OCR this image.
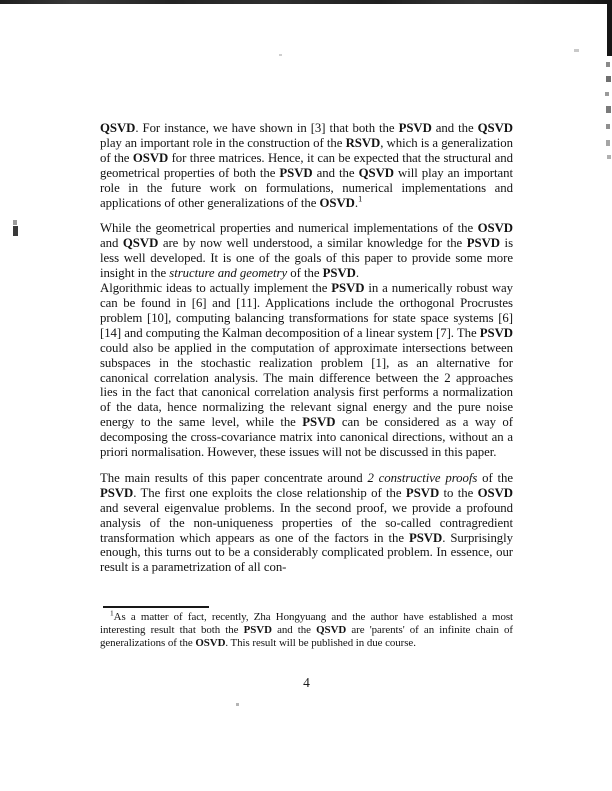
QSVD. For instance, we have shown in [3] that both the PSVD and the QSVD play an important role in the construction of the RSVD, which is a generalization of the OSVD for three matrices. Hence, it can be expected that the structural and geometrical properties of both the PSVD and the QSVD will play an important role in the future work on formulations, numerical implementations and applications of other generalizations of the OSVD.$^1$

While the geometrical properties and numerical implementations of the OSVD and QSVD are by now well understood, a similar knowledge for the PSVD is less well developed. It is one of the goals of this paper to provide some more insight in the structure and geometry of the PSVD.

Algorithmic ideas to actually implement the PSVD in a numerically robust way can be found in [6] and [11]. Applications include the orthogonal Procrustes problem [10], computing balancing transformations for state space systems [6] [14] and computing the Kalman decomposition of a linear system [7]. The PSVD could also be applied in the computation of approximate intersections between subspaces in the stochastic realization problem [1], as an alternative for canonical correlation analysis. The main difference between the 2 approaches lies in the fact that canonical correlation analysis first performs a normalization of the data, hence normalizing the relevant signal energy and the pure noise energy to the same level, while the PSVD can be considered as a way of decomposing the cross-covariance matrix into canonical directions, without an a priori normalisation. However, these issues will not be discussed in this paper.

The main results of this paper concentrate around 2 constructive proofs of the PSVD. The first one exploits the close relationship of the PSVD to the OSVD and several eigenvalue problems. In the second proof, we provide a profound analysis of the non-uniqueness properties of the so-called contragredient transformation which appears as one of the factors in the PSVD. Surprisingly enough, this turns out to be a considerably complicated problem. In essence, our result is a parametrization of all con-

$^1$As a matter of fact, recently, Zha Hongyuang and the author have established a most interesting result that both the PSVD and the QSVD are 'parents' of an infinite chain of generalizations of the OSVD. This result will be published in due course.

4
